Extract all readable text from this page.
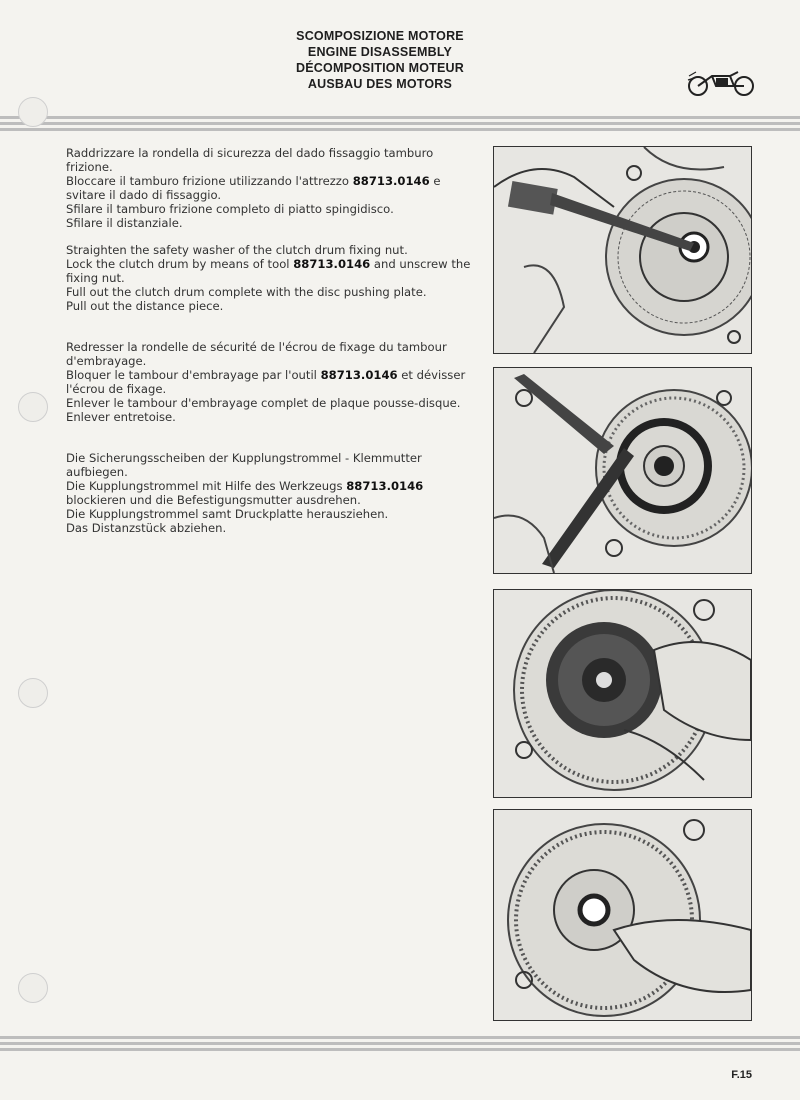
SCOMPOSIZIONE MOTORE
ENGINE DISASSEMBLY
DÉCOMPOSITION MOTEUR
AUSBAU DES MOTORS

Raddrizzare la rondella di sicurezza del dado fissaggio tamburo frizione.

Bloccare il tamburo frizione utilizzando l'attrezzo 88713.0146 e svitare il dado di fissaggio.

Sfilare il tamburo frizione completo di piatto spingidisco.

Sfilare il distanziale.

Straighten the safety washer of the clutch drum fixing nut.

Lock the clutch drum by means of tool 88713.0146 and unscrew the fixing nut.

Full out the clutch drum complete with the disc pushing plate.

Pull out the distance piece.

Redresser la rondelle de sécurité de l'écrou de fixage du tambour d'embrayage.

Bloquer le tambour d'embrayage par l'outil 88713.0146 et dévisser l'écrou de fixage.

Enlever le tambour d'embrayage complet de plaque pousse-disque.

Enlever entretoise.

Die Sicherungsscheiben der Kupplungstrommel - Klemmutter aufbiegen.

Die Kupplungstrommel mit Hilfe des Werkzeugs 88713.0146 blockieren und die Befestigungsmutter ausdrehen.

Die Kupplungstrommel samt Druckplatte herausziehen.

Das Distanzstück abziehen.

F.15
